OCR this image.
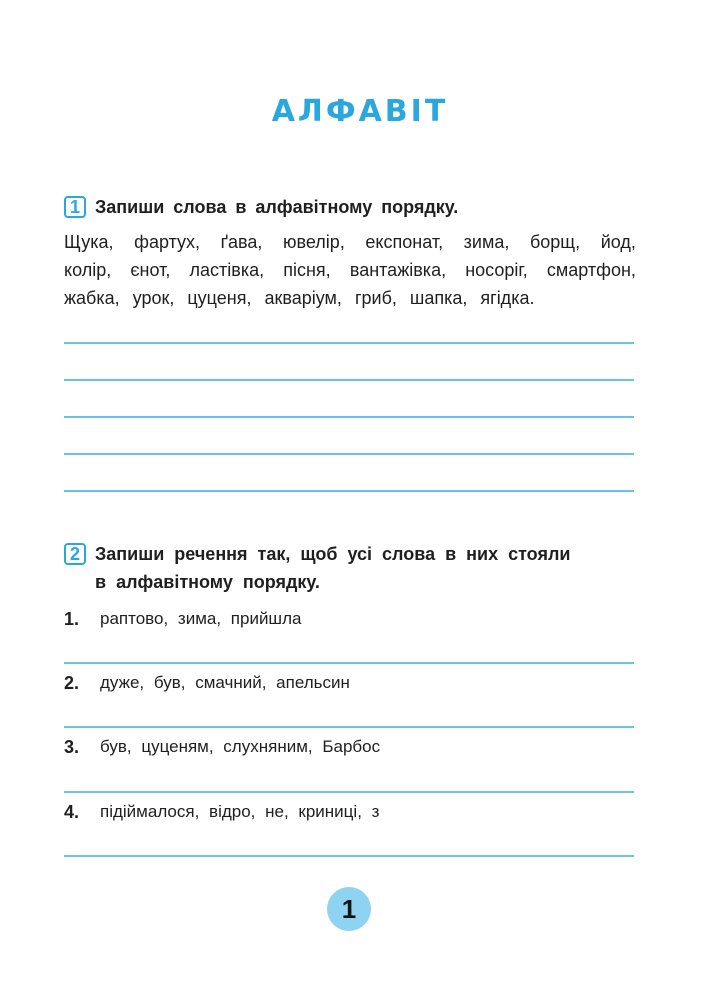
АЛФАВІТ
1 Запиши слова в алфавітному порядку.
Щука, фартух, ґава, ювелір, експонат, зима, борщ, йод,
колір, єнот, ластівка, пісня, вантажівка, носоріг, смартфон,
жабка, урок, цуценя, акваріум, гриб, шапка, ягідка.
2 Запиши речення так, щоб усі слова в них стояли
в алфавітному порядку.
1.	раптово, зима, прийшла
2.	дуже, був, смачний, апельсин
3.	був, цуценям, слухняним, Барбос
4.	підіймалося, відро, не, криниці, з
1
